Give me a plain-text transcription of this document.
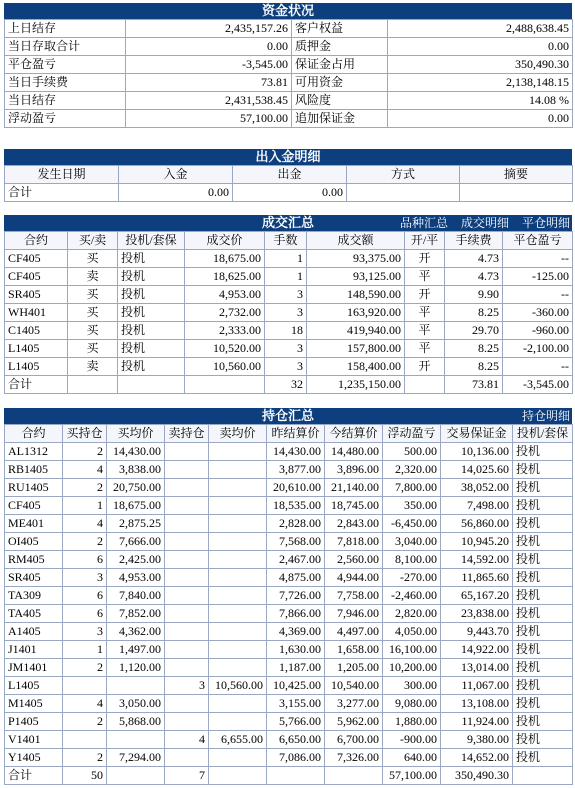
资金状况
上日结存	2,435,157.26	客户权益	2,488,638.45
当日存取合计	0.00	质押金	0.00
平仓盈亏	-3,545.00	保证金占用	350,490.30
当日手续费	73.81	可用资金	2,138,148.15
当日结存	2,431,538.45	风险度	14.08 %
浮动盈亏	57,100.00	追加保证金	0.00
出入金明细
发生日期	入金	出金	方式	摘要
合计	0.00	0.00		
成交汇总	品种汇总 成交明细 平仓明细
合约	买/卖	投机/套保	成交价	手数	成交额	开/平	手续费	平仓盈亏
CF405	买	投机	18,675.00	1	93,375.00	开	4.73	--
CF405	卖	投机	18,625.00	1	93,125.00	平	4.73	-125.00
SR405	买	投机	4,953.00	3	148,590.00	开	9.90	--
WH401	买	投机	2,732.00	3	163,920.00	平	8.25	-360.00
C1405	买	投机	2,333.00	18	419,940.00	平	29.70	-960.00
L1405	买	投机	10,520.00	3	157,800.00	平	8.25	-2,100.00
L1405	卖	投机	10,560.00	3	158,400.00	开	8.25	--
合计				32	1,235,150.00		73.81	-3,545.00
持仓汇总	持仓明细
合约	买持仓	买均价	卖持仓	卖均价	昨结算价	今结算价	浮动盈亏	交易保证金	投机/套保
AL1312	2	14,430.00			14,430.00	14,480.00	500.00	10,136.00	投机
RB1405	4	3,838.00			3,877.00	3,896.00	2,320.00	14,025.60	投机
RU1405	2	20,750.00			20,610.00	21,140.00	7,800.00	38,052.00	投机
CF405	1	18,675.00			18,535.00	18,745.00	350.00	7,498.00	投机
ME401	4	2,875.25			2,828.00	2,843.00	-6,450.00	56,860.00	投机
OI405	2	7,666.00			7,568.00	7,818.00	3,040.00	10,945.20	投机
RM405	6	2,425.00			2,467.00	2,560.00	8,100.00	14,592.00	投机
SR405	3	4,953.00			4,875.00	4,944.00	-270.00	11,865.60	投机
TA309	6	7,840.00			7,726.00	7,758.00	-2,460.00	65,167.20	投机
TA405	6	7,852.00			7,866.00	7,946.00	2,820.00	23,838.00	投机
A1405	3	4,362.00			4,369.00	4,497.00	4,050.00	9,443.70	投机
J1401	1	1,497.00			1,630.00	1,658.00	16,100.00	14,922.00	投机
JM1401	2	1,120.00			1,187.00	1,205.00	10,200.00	13,014.00	投机
L1405			3	10,560.00	10,425.00	10,540.00	300.00	11,067.00	投机
M1405	4	3,050.00			3,155.00	3,277.00	9,080.00	13,108.00	投机
P1405	2	5,868.00			5,766.00	5,962.00	1,880.00	11,924.00	投机
V1401			4	6,655.00	6,650.00	6,700.00	-900.00	9,380.00	投机
Y1405	2	7,294.00			7,086.00	7,326.00	640.00	14,652.00	投机
合计	50		7				57,100.00	350,490.30	
